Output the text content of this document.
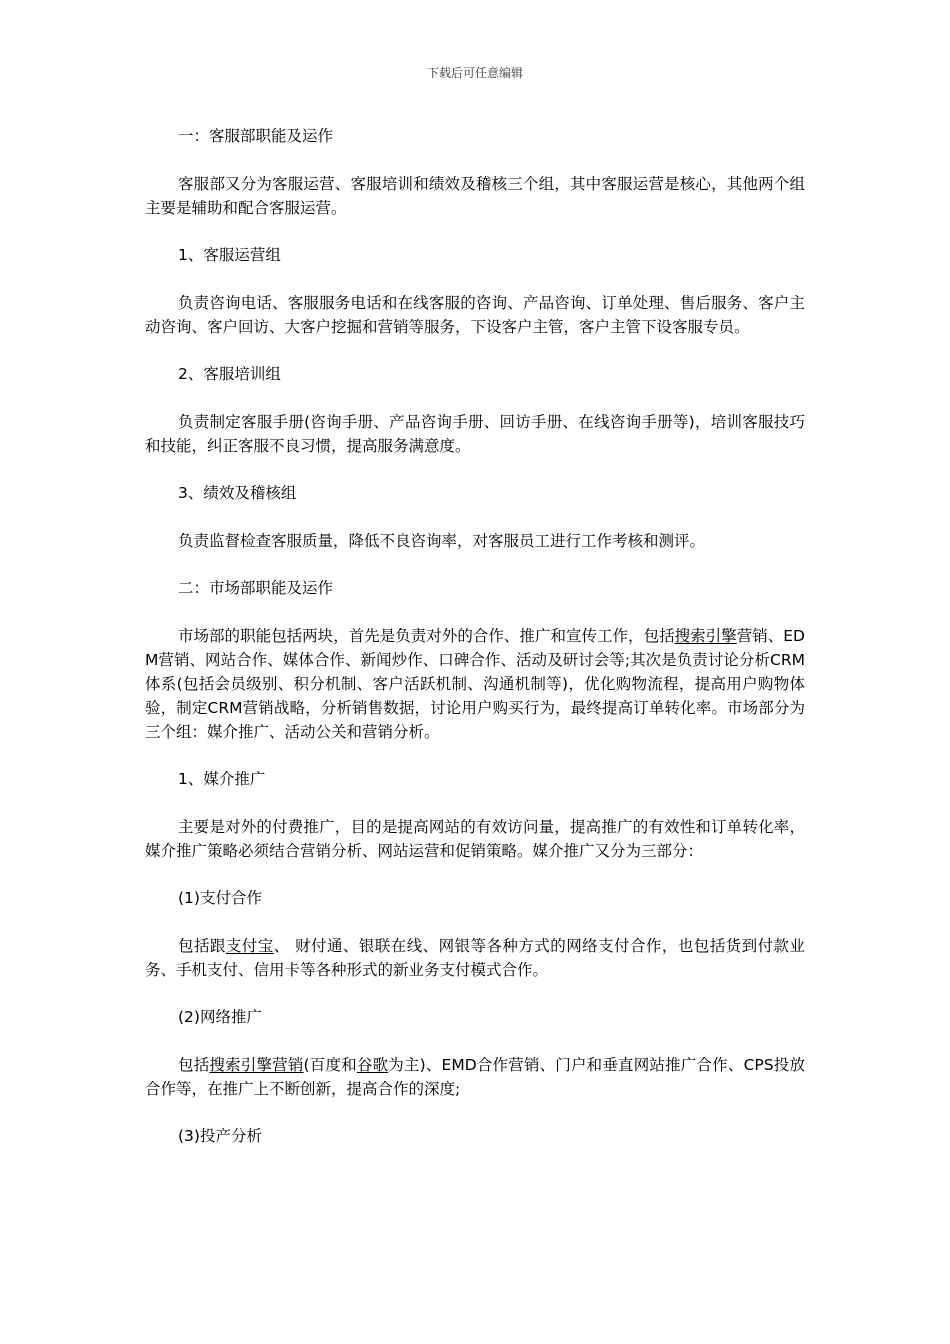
下载后可任意编辑

一：客服部职能及运作

客服部又分为客服运营、客服培训和绩效及稽核三个组，其中客服运营是核心，其他两个组主要是辅助和配合客服运营。

1、客服运营组

负责咨询电话、客服服务电话和在线客服的咨询、产品咨询、订单处理、售后服务、客户主动咨询、客户回访、大客户挖掘和营销等服务，下设客户主管，客户主管下设客服专员。

2、客服培训组

负责制定客服手册(咨询手册、产品咨询手册、回访手册、在线咨询手册等)，培训客服技巧和技能，纠正客服不良习惯，提高服务满意度。

3、绩效及稽核组

负责监督检查客服质量，降低不良咨询率，对客服员工进行工作考核和测评。

二：市场部职能及运作

市场部的职能包括两块，首先是负责对外的合作、推广和宣传工作，包括搜索引擎营销、EDM营销、网站合作、媒体合作、新闻炒作、口碑合作、活动及研讨会等;其次是负责讨论分析CRM体系(包括会员级别、积分机制、客户活跃机制、沟通机制等)，优化购物流程，提高用户购物体验，制定CRM营销战略，分析销售数据，讨论用户购买行为，最终提高订单转化率。市场部分为三个组：媒介推广、活动公关和营销分析。

1、媒介推广

主要是对外的付费推广，目的是提高网站的有效访问量，提高推广的有效性和订单转化率，媒介推广策略必须结合营销分析、网站运营和促销策略。媒介推广又分为三部分：

(1)支付合作

包括跟支付宝、 财付通、银联在线、网银等各种方式的网络支付合作，也包括货到付款业务、手机支付、信用卡等各种形式的新业务支付模式合作。

(2)网络推广

包括搜索引擎营销(百度和谷歌为主)、EMD合作营销、门户和垂直网站推广合作、CPS投放合作等，在推广上不断创新，提高合作的深度;

(3)投产分析
